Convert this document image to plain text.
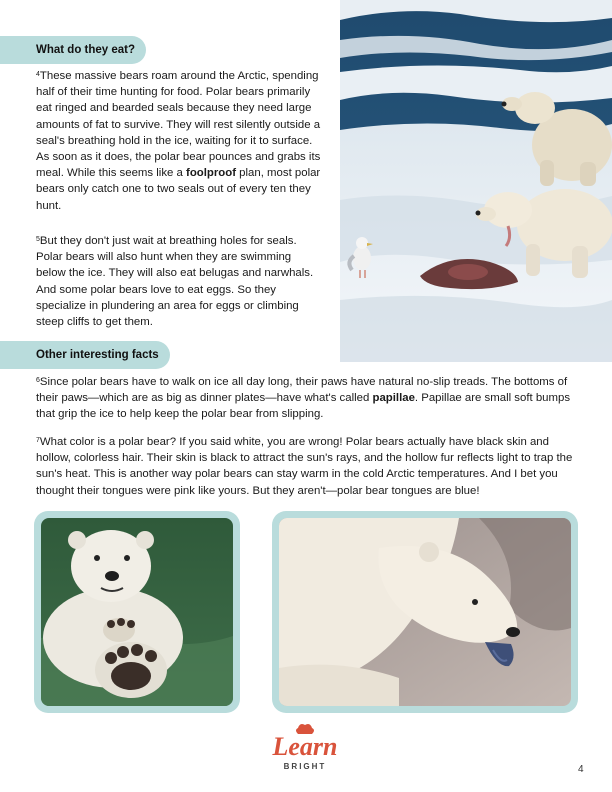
What do they eat?

$^4$These massive bears roam around the Arctic, spending half of their time hunting for food. Polar bears primarily eat ringed and bearded seals because they need large amounts of fat to survive. They will rest silently outside a seal's breathing hold in the ice, waiting for it to surface. As soon as it does, the polar bear pounces and grabs its meal. While this seems like a foolproof plan, most polar bears only catch one to two seals out of every ten they hunt.

$^5$But they don't just wait at breathing holes for seals. Polar bears will also hunt when they are swimming below the ice. They will also eat belugas and narwhals. And some polar bears love to eat eggs. So they specialize in plundering an area for eggs or climbing steep cliffs to get them.

Other interesting facts

$^6$Since polar bears have to walk on ice all day long, their paws have natural no-slip treads. The bottoms of their paws—which are as big as dinner plates—have what's called papillae. Papillae are small soft bumps that grip the ice to help keep the polar bear from slipping.

$^7$What color is a polar bear? If you said white, you are wrong! Polar bears actually have black skin and hollow, colorless hair. Their skin is black to attract the sun's rays, and the hollow fur reflects light to trap the sun's heat. This is another way polar bears can stay warm in the cold Arctic temperatures. And I bet you thought their tongues were pink like yours. But they aren't—polar bear tongues are blue!

Learn
BRIGHT	4
